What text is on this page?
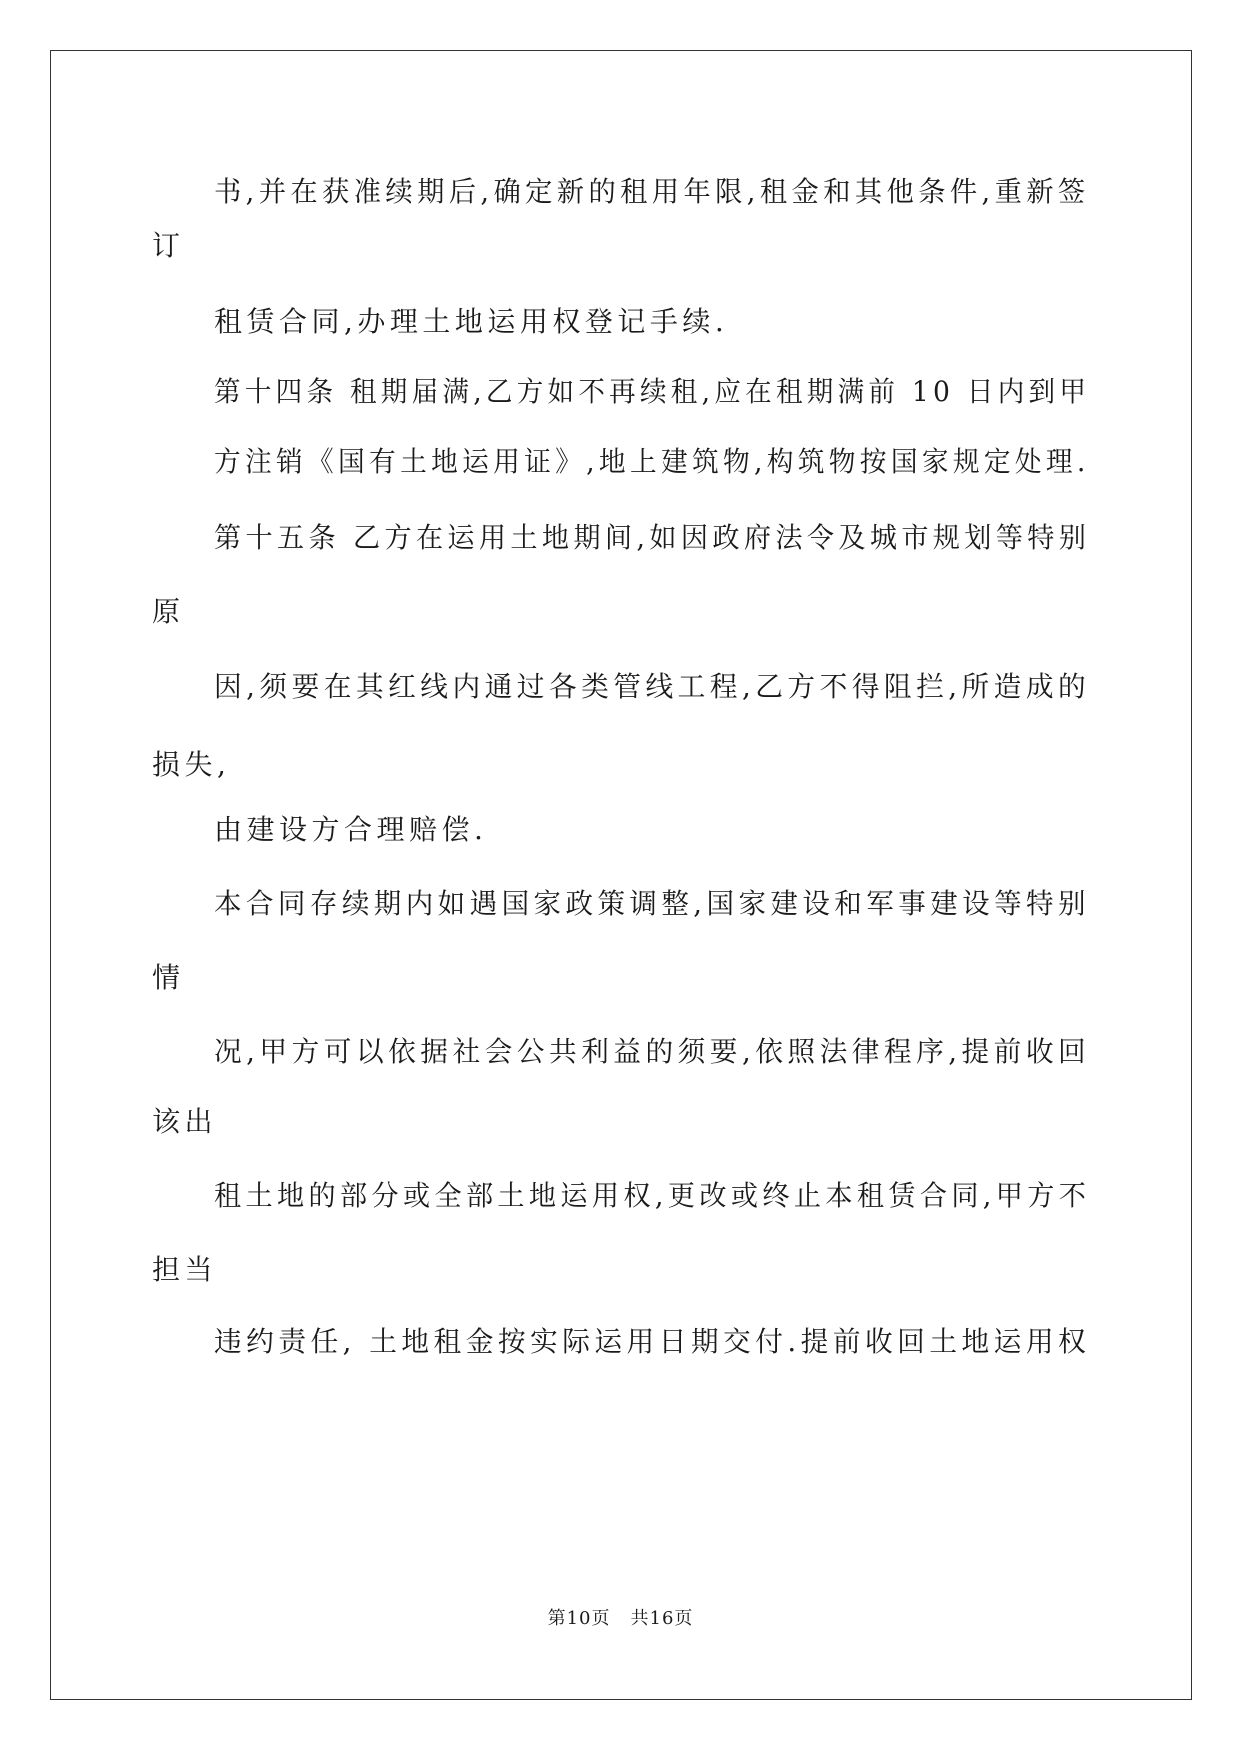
书,并在获准续期后,确定新的租用年限,租金和其他条件,重新签
订
租赁合同,办理土地运用权登记手续.
第十四条 租期届满,乙方如不再续租,应在租期满前 10 日内到甲
方注销《国有土地运用证》,地上建筑物,构筑物按国家规定处理.
第十五条 乙方在运用土地期间,如因政府法令及城市规划等特别
原
因,须要在其红线内通过各类管线工程,乙方不得阻拦,所造成的
损失,
由建设方合理赔偿.
本合同存续期内如遇国家政策调整,国家建设和军事建设等特别
情
况,甲方可以依据社会公共利益的须要,依照法律程序,提前收回
该出
租土地的部分或全部土地运用权,更改或终止本租赁合同,甲方不
担当
违约责任, 土地租金按实际运用日期交付.提前收回土地运用权
第10页 共16页
